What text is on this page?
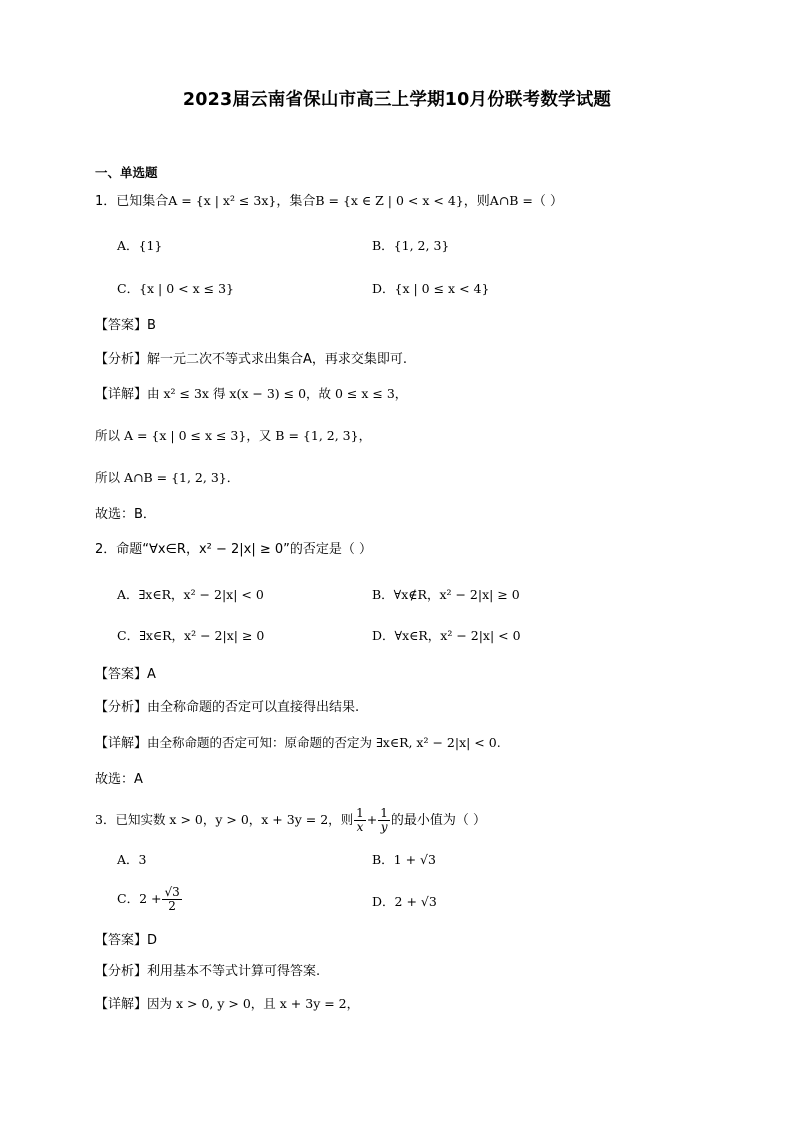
2023届云南省保山市高三上学期10月份联考数学试题
一、单选题
1．已知集合A = {x | x² ≤ 3x}，集合B = {x ∈ Z | 0 < x < 4}，则A∩B =（ ）
A．{1}	B．{1, 2, 3}
C．{x | 0 < x ≤ 3}	D．{x | 0 ≤ x < 4}
【答案】B
【分析】解一元二次不等式求出集合A，再求交集即可.
【详解】由 x² ≤ 3x 得 x(x − 3) ≤ 0，故 0 ≤ x ≤ 3，
所以 A = {x | 0 ≤ x ≤ 3}，又 B = {1, 2, 3}，
所以 A∩B = {1, 2, 3}．
故选：B．
2．命题“∀x∈R，x² − 2|x| ≥ 0”的否定是（ ）
A．∃x∈R，x² − 2|x| < 0	B．∀x∉R，x² − 2|x| ≥ 0
C．∃x∈R，x² − 2|x| ≥ 0	D．∀x∈R，x² − 2|x| < 0
【答案】A
【分析】由全称命题的否定可以直接得出结果.
【详解】由全称命题的否定可知：原命题的否定为 ∃x∈R, x² − 2|x| < 0.
故选：A
3．已知实数 x > 0，y > 0，x + 3y = 2，则 $\frac{1}{x} + \frac{1}{y}$ 的最小值为（ ）
A．3	B．1 + √3
C．$2 + \frac{√3}{2}$	D．2 + √3
【答案】D
【分析】利用基本不等式计算可得答案.
【详解】因为 x > 0, y > 0，且 x + 3y = 2，
